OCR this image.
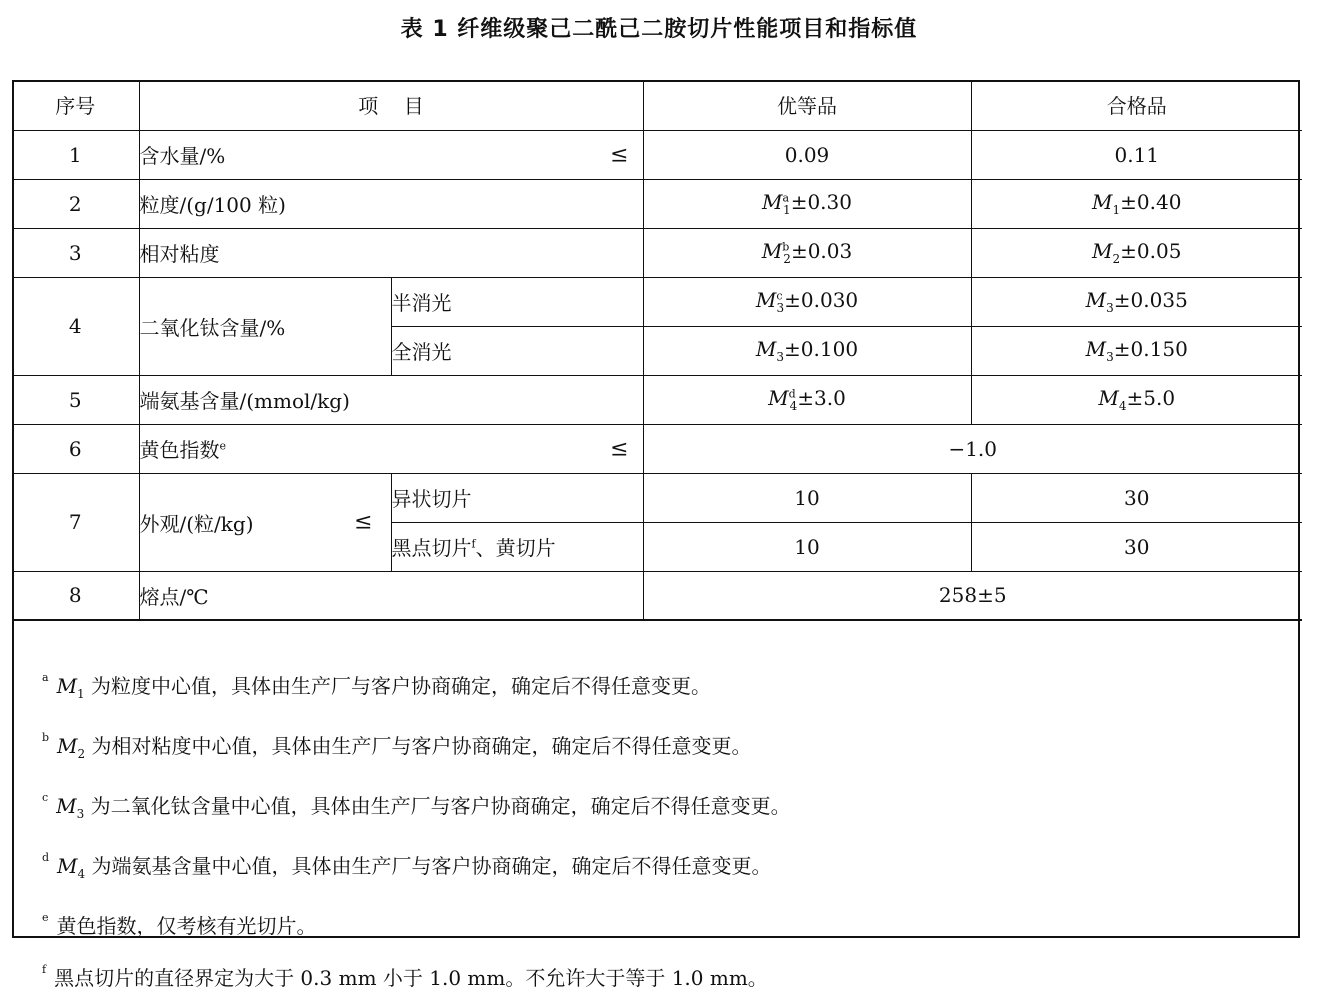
表 1 纤维级聚己二酰己二胺切片性能项目和指标值
序号	项    目		优等品	合格品
1	含水量/% ≤		0.09	0.11
2	粒度/(g/100 粒)		M$^a_1$±0.30	$M_1\pm 0.40$
3	相对粘度		M$^b_2$±0.03	$M_2\pm 0.05$
4	二氧化钛含量/%	半消光	M$^c_3$±0.030	$M_3\pm 0.035$
		全消光	$M_3\pm 0.100$	$M_3\pm 0.150$
5	端氨基含量/(mmol/kg)		M$^d_4$±3.0	$M_4\pm 5.0$
6	黄色指数$^e$ ≤		−1.0	
7	外观/(粒/kg) ≤	异状切片	10	30
		黑点切片$^f$、黄切片	10	30
8	熔点/℃		258±5	
$^a$ $M_1$ 为粒度中心值，具体由生产厂与客户协商确定，确定后不得任意变更。
$^b$ $M_2$ 为相对粘度中心值，具体由生产厂与客户协商确定，确定后不得任意变更。
$^c$ $M_3$ 为二氧化钛含量中心值，具体由生产厂与客户协商确定，确定后不得任意变更。
$^d$ $M_4$ 为端氨基含量中心值，具体由生产厂与客户协商确定，确定后不得任意变更。
$^e$ 黄色指数，仅考核有光切片。
$^f$ 黑点切片的直径界定为大于 0.3 mm 小于 1.0 mm。不允许大于等于 1.0 mm。
